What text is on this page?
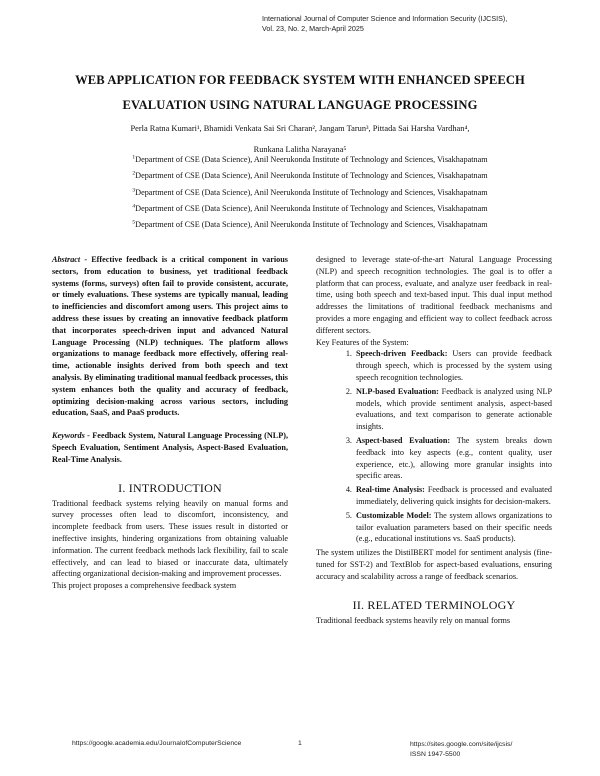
International Journal of Computer Science and Information Security (IJCSIS),
Vol. 23, No. 2, March-April 2025
WEB APPLICATION FOR FEEDBACK SYSTEM WITH ENHANCED SPEECH
EVALUATION USING NATURAL LANGUAGE PROCESSING
Perla Ratna Kumari¹, Bhamidi Venkata Sai Sri Charan², Jangam Tarun³, Pittada Sai Harsha Vardhan⁴,
Runkana Lalitha Narayana⁵
$^1$Department of CSE (Data Science), Anil Neerukonda Institute of Technology and Sciences, Visakhapatnam
$^2$Department of CSE (Data Science), Anil Neerukonda Institute of Technology and Sciences, Visakhapatnam
$^3$Department of CSE (Data Science), Anil Neerukonda Institute of Technology and Sciences, Visakhapatnam
$^4$Department of CSE (Data Science), Anil Neerukonda Institute of Technology and Sciences, Visakhapatnam
$^5$Department of CSE (Data Science), Anil Neerukonda Institute of Technology and Sciences, Visakhapatnam

Abstract - Effective feedback is a critical component in various sectors, from education to business, yet traditional feedback systems (forms, surveys) often fail to provide consistent, accurate, or timely evaluations. These systems are typically manual, leading to inefficiencies and discomfort among users. This project aims to address these issues by creating an innovative feedback platform that incorporates speech-driven input and advanced Natural Language Processing (NLP) techniques. The platform allows organizations to manage feedback more effectively, offering real-time, actionable insights derived from both speech and text analysis. By eliminating traditional manual feedback processes, this system enhances both the quality and accuracy of feedback, optimizing decision-making across various sectors, including education, SaaS, and PaaS products.

Keywords - Feedback System, Natural Language Processing (NLP), Speech Evaluation, Sentiment Analysis, Aspect-Based Evaluation, Real-Time Analysis.

I. INTRODUCTION

Traditional feedback systems relying heavily on manual forms and survey processes often lead to discomfort, inconsistency, and incomplete feedback from users. These issues result in distorted or ineffective insights, hindering organizations from obtaining valuable information. The current feedback methods lack flexibility, fail to scale effectively, and can lead to biased or inaccurate data, ultimately affecting organizational decision-making and improvement processes.

This project proposes a comprehensive feedback system

designed to leverage state-of-the-art Natural Language Processing (NLP) and speech recognition technologies. The goal is to offer a platform that can process, evaluate, and analyze user feedback in real-time, using both speech and text-based input. This dual input method addresses the limitations of traditional feedback mechanisms and provides a more engaging and efficient way to collect feedback across different sectors.

Key Features of the System:

1. Speech-driven Feedback: Users can provide feedback through speech, which is processed by the system using speech recognition technologies.
2. NLP-based Evaluation: Feedback is analyzed using NLP models, which provide sentiment analysis, aspect-based evaluations, and text comparison to generate actionable insights.
3. Aspect-based Evaluation: The system breaks down feedback into key aspects (e.g., content quality, user experience, etc.), allowing more granular insights into specific areas.
4. Real-time Analysis: Feedback is processed and evaluated immediately, delivering quick insights for decision-makers.
5. Customizable Model: The system allows organizations to tailor evaluation parameters based on their specific needs (e.g., educational institutions vs. SaaS products).

The system utilizes the DistilBERT model for sentiment analysis (fine-tuned for SST-2) and TextBlob for aspect-based evaluations, ensuring accuracy and scalability across a range of feedback scenarios.

II. RELATED TERMINOLOGY

Traditional feedback systems heavily rely on manual forms

https://google.academia.edu/JournalofComputerScience	1	https://sites.google.com/site/ijcsis/
ISSN 1947-5500
